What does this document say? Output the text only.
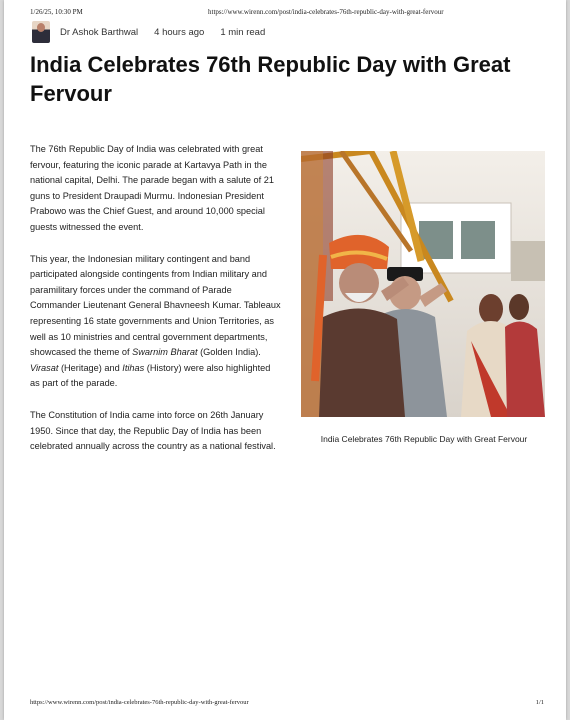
1/26/25, 10:30 PM	https://www.wirenn.com/post/india-celebrates-76th-republic-day-with-great-fervour
Dr Ashok Barthwal 4 hours ago 1 min read
India Celebrates 76th Republic Day with Great Fervour

The 76th Republic Day of India was celebrated with great fervour, featuring the iconic parade at Kartavya Path in the national capital, Delhi. The parade began with a salute of 21 guns to President Draupadi Murmu. Indonesian President Prabowo was the Chief Guest, and around 10,000 special guests witnessed the event.

This year, the Indonesian military contingent and band participated alongside contingents from Indian military and paramilitary forces under the command of Parade Commander Lieutenant General Bhavneesh Kumar. Tableaux representing 16 state governments and Union Territories, as well as 10 ministries and central government departments, showcased the theme of Swarnim Bharat (Golden India). Virasat (Heritage) and Itihas (History) were also highlighted as part of the parade.

The Constitution of India came into force on 26th January 1950. Since that day, the Republic Day of India has been celebrated annually across the country as a national festival.

India Celebrates 76th Republic Day with Great Fervour
https://www.wirenn.com/post/india-celebrates-76th-republic-day-with-great-fervour	1/1
